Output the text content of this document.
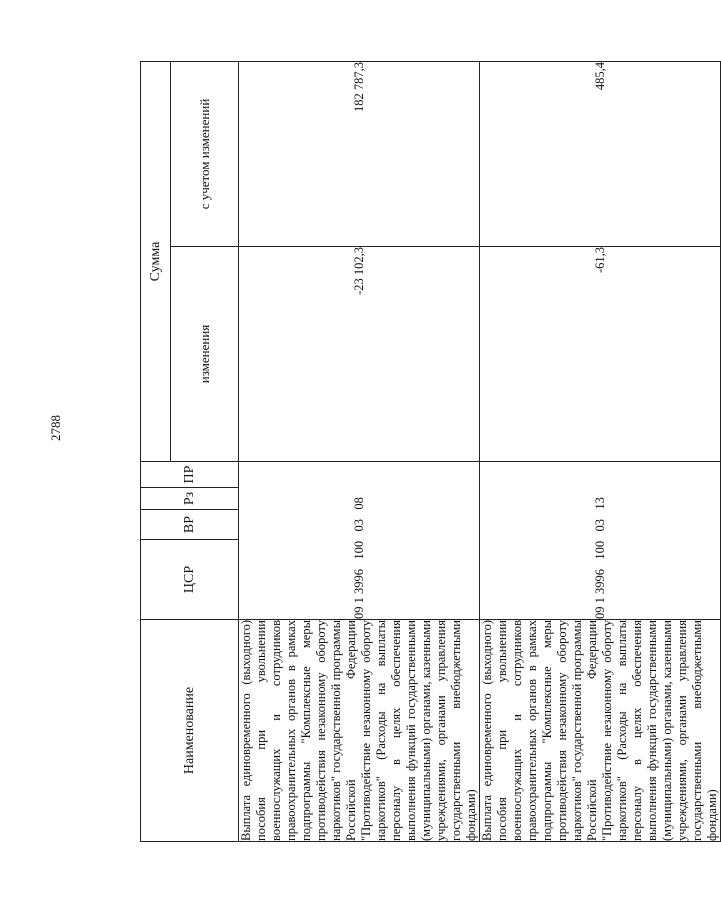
2788
Наименование	ЦСР	ВР	Рз	ПР	Сумма	
					изменения	с учетом изменений
Выплата единовременного (выходного) пособия при увольнении военнослужащих и сотрудников правоохранительных органов в рамках подпрограммы "Комплексные меры противодействия незаконному обороту наркотиков" государственной программы Российской Федерации "Противодействие незаконному обороту наркотиков" (Расходы на выплаты персоналу в целях обеспечения выполнения функций государственными (муниципальными) органами, казенными учреждениями, органами управления государственными внебюджетными фондами)	09 1 3996   100   03   08				-23 102,3	182 787,3
Выплата единовременного (выходного) пособия при увольнении военнослужащих и сотрудников правоохранительных органов в рамках подпрограммы "Комплексные меры противодействия незаконному обороту наркотиков" государственной программы Российской Федерации "Противодействие незаконному обороту наркотиков" (Расходы на выплаты персоналу в целях обеспечения выполнения функций государственными (муниципальными) органами, казенными учреждениями, органами управления государственными внебюджетными фондами)	09 1 3996   100   03   13				-61,3	485,4
